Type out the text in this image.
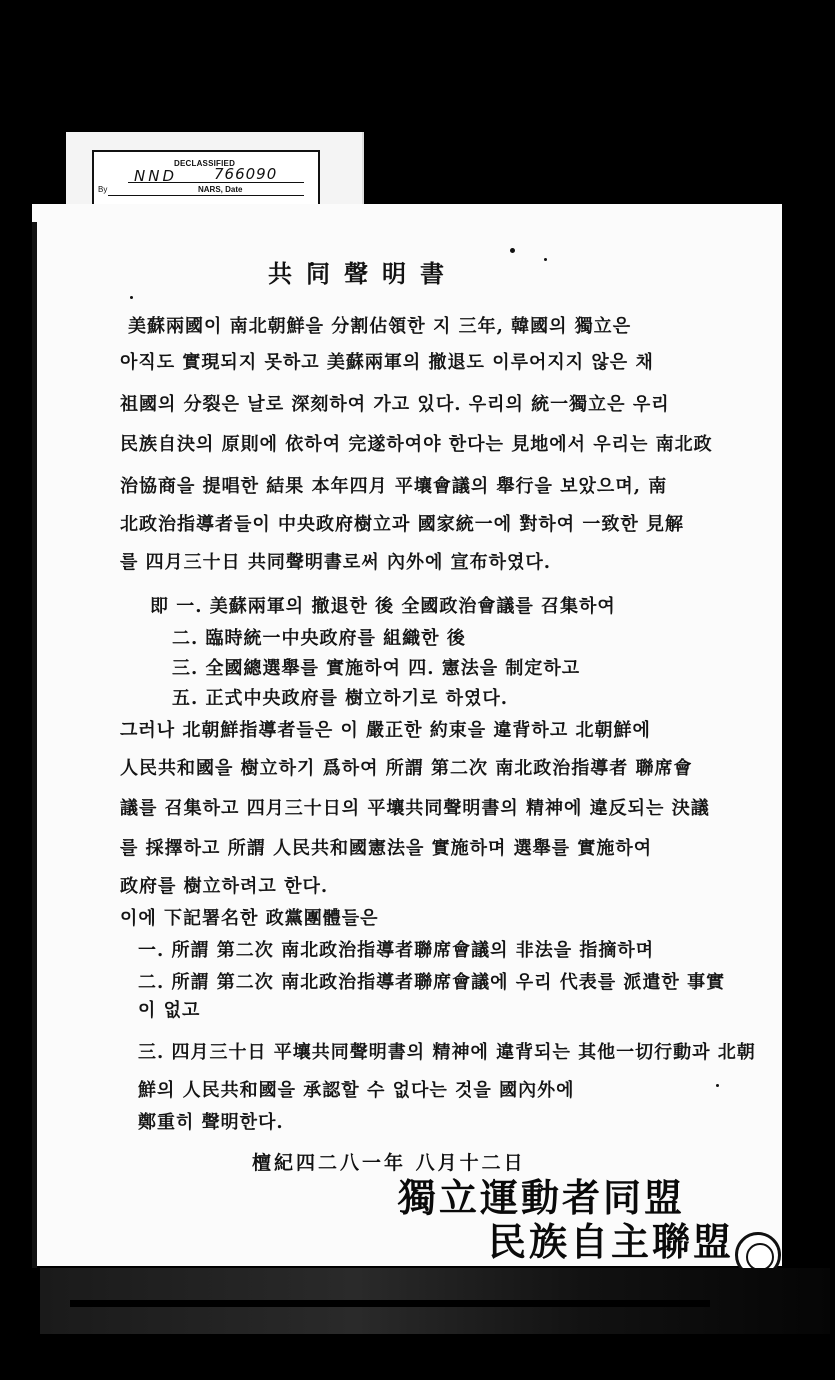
DECLASSIFIED
NND 766090
By	NARS, Date
共同聲明書
美蘇兩國이 南北朝鮮을 分割佔領한 지 三年, 韓國의 獨立은
아직도 實現되지 못하고 美蘇兩軍의 撤退도 이루어지지 않은 채
祖國의 分裂은 날로 深刻하여 가고 있다. 우리의 統一獨立은 우리
民族自決의 原則에 依하여 完遂하여야 한다는 見地에서 우리는 南北政
治協商을 提唱한 結果 本年四月 平壤會議의 舉行을 보았으며, 南
北政治指導者들이 中央政府樹立과 國家統一에 對하여 一致한 見解
를 四月三十日 共同聲明書로써 內外에 宣布하였다.
即 一. 美蘇兩軍의 撤退한 後 全國政治會議를 召集하여
二. 臨時統一中央政府를 組織한 後
三. 全國總選舉를 實施하여 四. 憲法을 制定하고
五. 正式中央政府를 樹立하기로 하였다.
그러나 北朝鮮指導者들은 이 嚴正한 約束을 違背하고 北朝鮮에
人民共和國을 樹立하기 爲하여 所謂 第二次 南北政治指導者 聯席會
議를 召集하고 四月三十日의 平壤共同聲明書의 精神에 違反되는 決議
를 採擇하고 所謂 人民共和國憲法을 實施하며 選舉를 實施하여
政府를 樹立하려고 한다.
이에 下記署名한 政黨團體들은
一. 所謂 第二次 南北政治指導者聯席會議의 非法을 指摘하며
二. 所謂 第二次 南北政治指導者聯席會議에 우리 代表를 派遣한 事實
이 없고
三. 四月三十日 平壤共同聲明書의 精神에 違背되는 其他一切行動과 北朝
鮮의 人民共和國을 承認할 수 없다는 것을 國內外에
鄭重히 聲明한다.
檀紀四二八一年 八月十二日
獨立運動者同盟
民族自主聯盟
